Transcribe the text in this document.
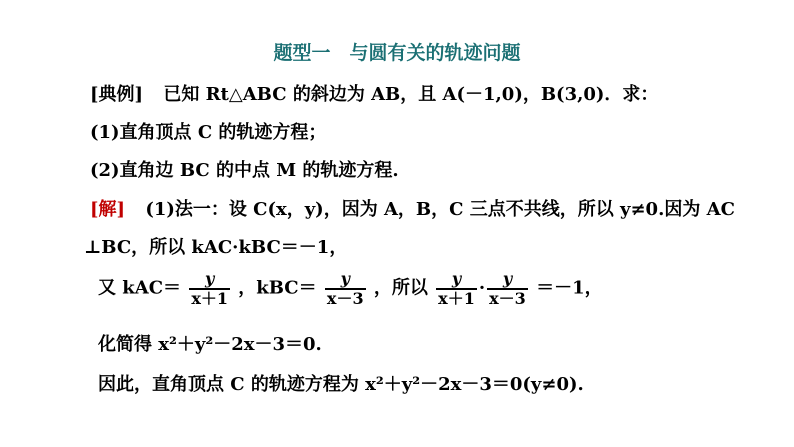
题型一　与圆有关的轨迹问题
[典例] 已知 Rt△ABC 的斜边为 AB，且 A(－1,0)，B(3,0)．求：
(1)直角顶点 C 的轨迹方程；
(2)直角边 BC 的中点 M 的轨迹方程.
[解] (1)法一：设 C(x，y)，因为 A，B，C 三点不共线，所以 y≠0.因为 AC
⊥BC，所以 kAC·kBC＝－1，
又 $kAC= \frac{y}{x+1}$ ，$kBC= \frac{y}{x-3}$ ，所以 $\frac{y}{x+1} \cdot \frac{y}{x-3} =-1$，
化简得 x²＋y²－2x－3＝0.
因此，直角顶点 C 的轨迹方程为 x²＋y²－2x－3＝0(y≠0).
